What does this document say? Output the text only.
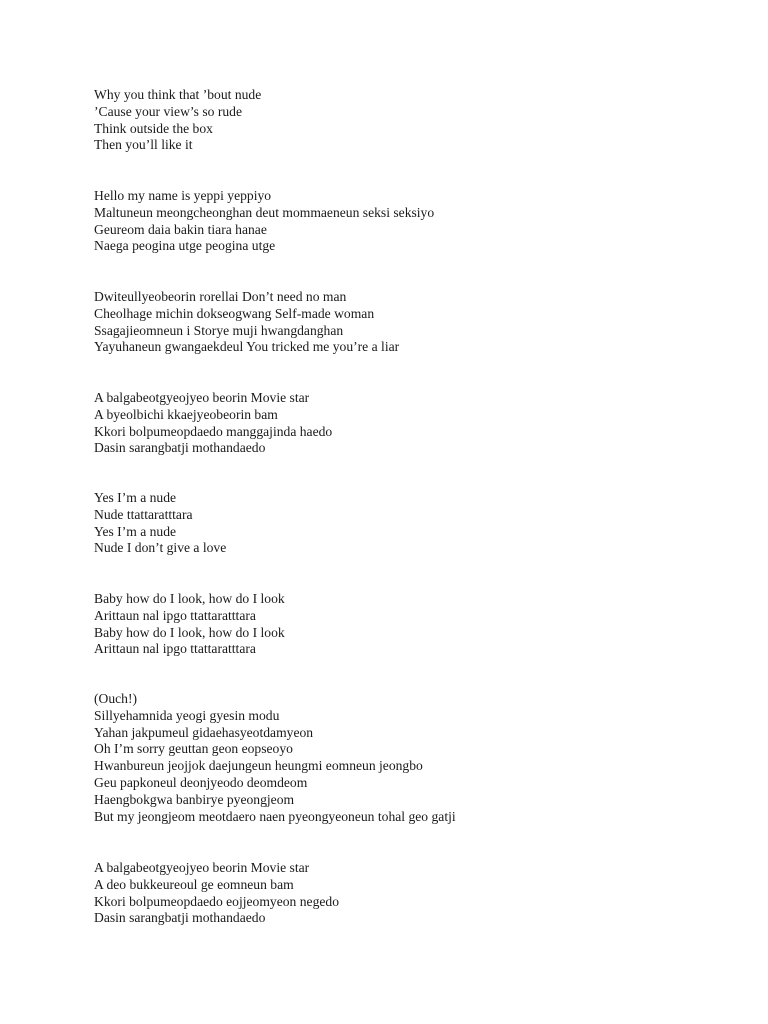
Why you think that ’bout nude
’Cause your view’s so rude
Think outside the box
Then you’ll like it
Hello my name is yeppi yeppiyo
Maltuneun meongcheonghan deut mommaeneun seksi seksiyo
Geureom daia bakin tiara hanae
Naega peogina utge peogina utge
Dwiteullyeobeorin rorellai Don’t need no man
Cheolhage michin dokseogwang Self-made woman
Ssagajieomneun i Storye muji hwangdanghan
Yayuhaneun gwangaekdeul You tricked me you’re a liar
A balgabeotgyeojyeo beorin Movie star
A byeolbichi kkaejyeobeorin bam
Kkori bolpumeopdaedo manggajinda haedo
Dasin sarangbatji mothandaedo
Yes I’m a nude
Nude ttattaratttara
Yes I’m a nude
Nude I don’t give a love
Baby how do I look, how do I look
Arittaun nal ipgo ttattaratttara
Baby how do I look, how do I look
Arittaun nal ipgo ttattaratttara
(Ouch!)
Sillyehamnida yeogi gyesin modu
Yahan jakpumeul gidaehasyeotdamyeon
Oh I’m sorry geuttan geon eopseoyo
Hwanbureun jeojjok daejungeun heungmi eomneun jeongbo
Geu papkoneul deonjyeodo deomdeom
Haengbokgwa banbirye pyeongjeom
But my jeongjeom meotdaero naen pyeongyeoneun tohal geo gatji
A balgabeotgyeojyeo beorin Movie star
A deo bukkeureoul ge eomneun bam
Kkori bolpumeopdaedo eojjeomyeon negedo
Dasin sarangbatji mothandaedo
